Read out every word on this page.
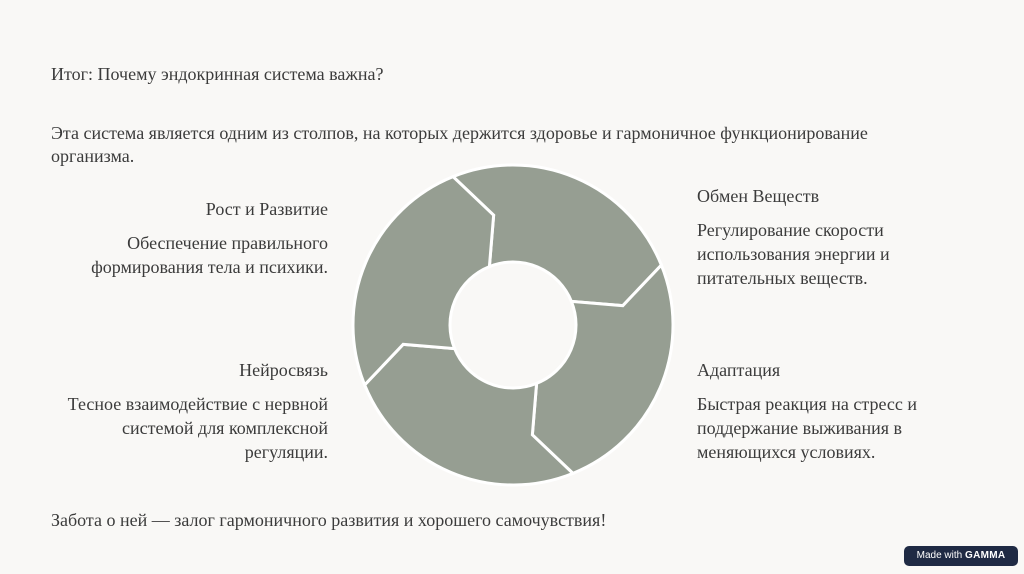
Итог: Почему эндокринная система важна?
Эта система является одним из столпов, на которых держится здоровье и гармоничное функционирование организма.
Рост и Развитие
Обеспечение правильного формирования тела и психики.
Обмен Веществ
Регулирование скорости использования энергии и питательных веществ.
Нейросвязь
Тесное взаимодействие с нервной системой для комплексной регуляции.
Адаптация
Быстрая реакция на стресс и поддержание выживания в меняющихся условиях.
Забота о ней — залог гармоничного развития и хорошего самочувствия!
Made with GAMMA
